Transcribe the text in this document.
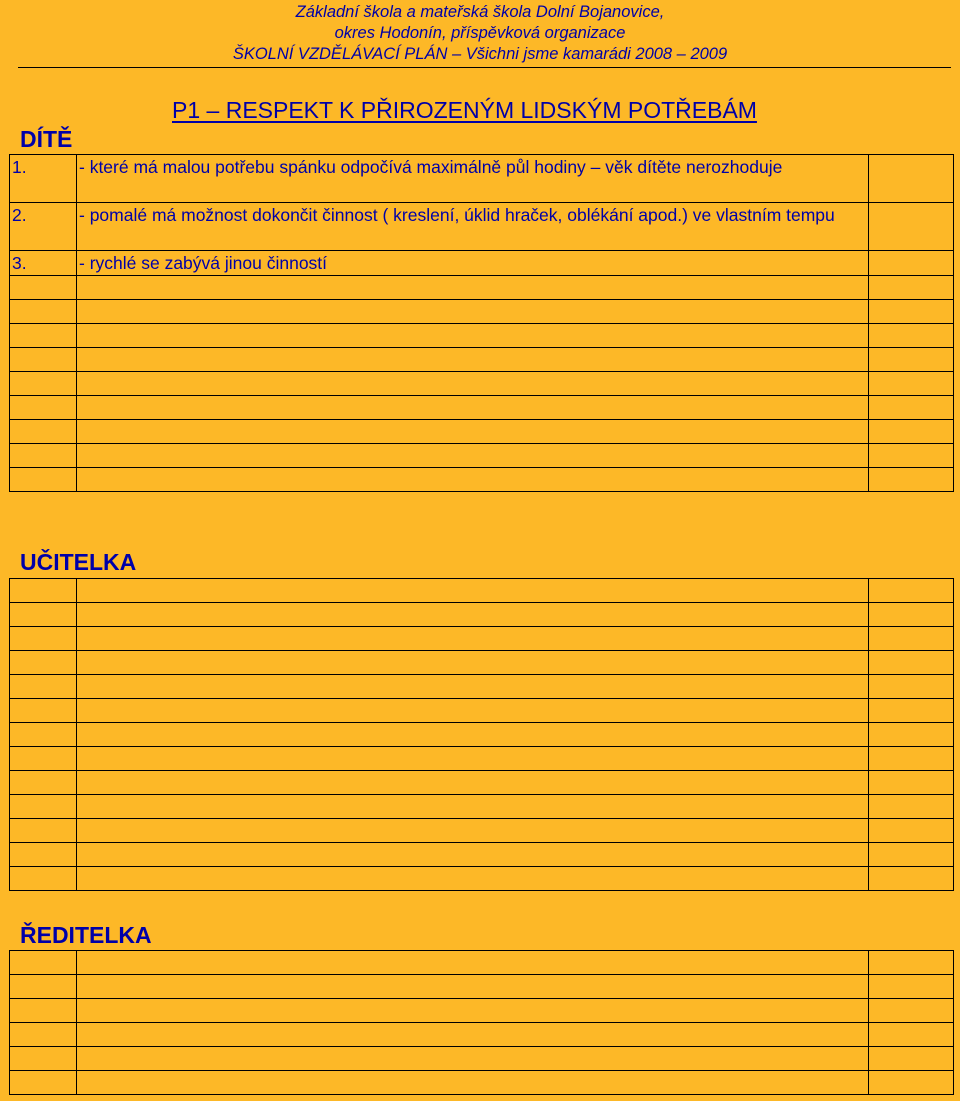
Základní škola a mateřská škola Dolní Bojanovice,
okres Hodonín, příspěvková organizace
ŠKOLNÍ VZDĚLÁVACÍ PLÁN – Všichni jsme kamarádi 2008 – 2009
P1 – RESPEKT K PŘIROZENÝM LIDSKÝM POTŘEBÁM
DÍTĚ
1.	- které má malou potřebu spánku odpočívá maximálně půl hodiny – věk dítěte nerozhoduje	
2.	- pomalé má možnost dokončit činnost ( kreslení, úklid hraček, oblékání apod.) ve vlastním tempu	
3.	- rychlé se zabývá jinou činností	

UČITELKA

ŘEDITELKA
